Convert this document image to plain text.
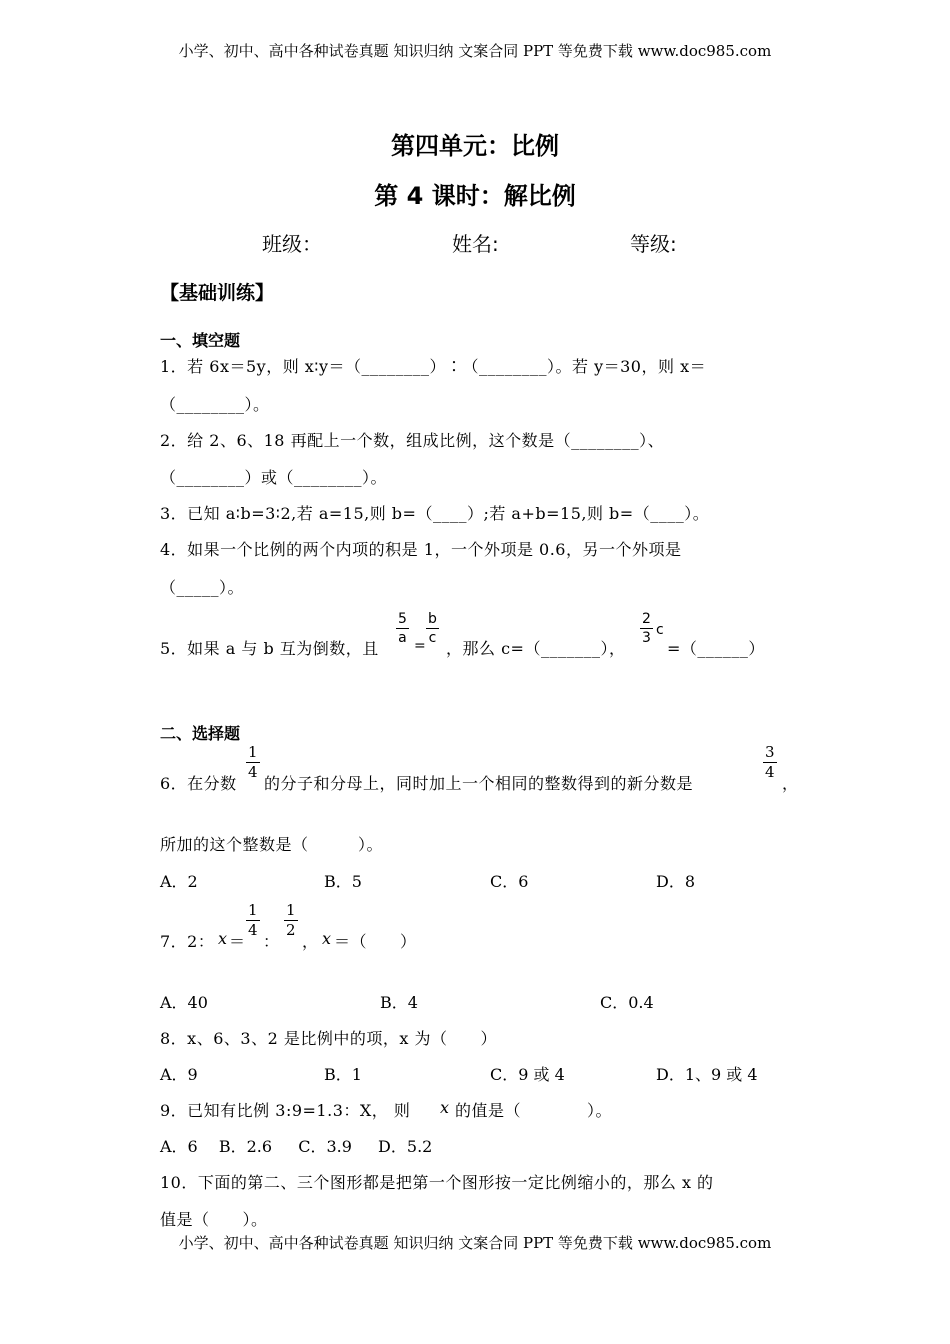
小学、初中、高中各种试卷真题 知识归纳 文案合同 PPT 等免费下载 www.doc985.com
第四单元：比例
第 4 课时：解比例
班级：	姓名:	等级:
【基础训练】
一、填空题
1．若 6x＝5y，则 x∶y＝（________）∶（________）。若 y＝30，则 x＝
（________）。
2．给 2、6、18 再配上一个数，组成比例，这个数是（________）、
（________）或（________）。
3．已知 a∶b=3∶2,若 a=15,则 b=（____）;若 a+b=15,则 b=（____）。
4．如果一个比例的两个内项的积是 1，一个外项是 0.6，另一个外项是
（_____）。
5．如果 a 与 b 互为倒数，且
5
a =
b
c
，那么 c=（_______），
2
3 c
=（______）
二、选择题
6．在分数
1
4
的分子和分母上，同时加上一个相同的整数得到的新分数是
3
4
，
所加的这个整数是（　　　）。
A．2	B．5	C．6	D．8
7．2： x ＝
1
4
：
1
2
， x ＝（　　）
A．40	B．4	C．0.4
8．x、6、3、2 是比例中的项，x 为（　　）
A．9	B．1	C．9 或 4	D．1、9 或 4
9．已知有比例 3:9=1.3：X， 则 x 的值是（　　　　）。
A．6　 B．2.6 　 C．3.9 　 D．5.2
10．下面的第二、三个图形都是把第一个图形按一定比例缩小的，那么 x 的
值是（　　）。
小学、初中、高中各种试卷真题 知识归纳 文案合同 PPT 等免费下载 www.doc985.com
